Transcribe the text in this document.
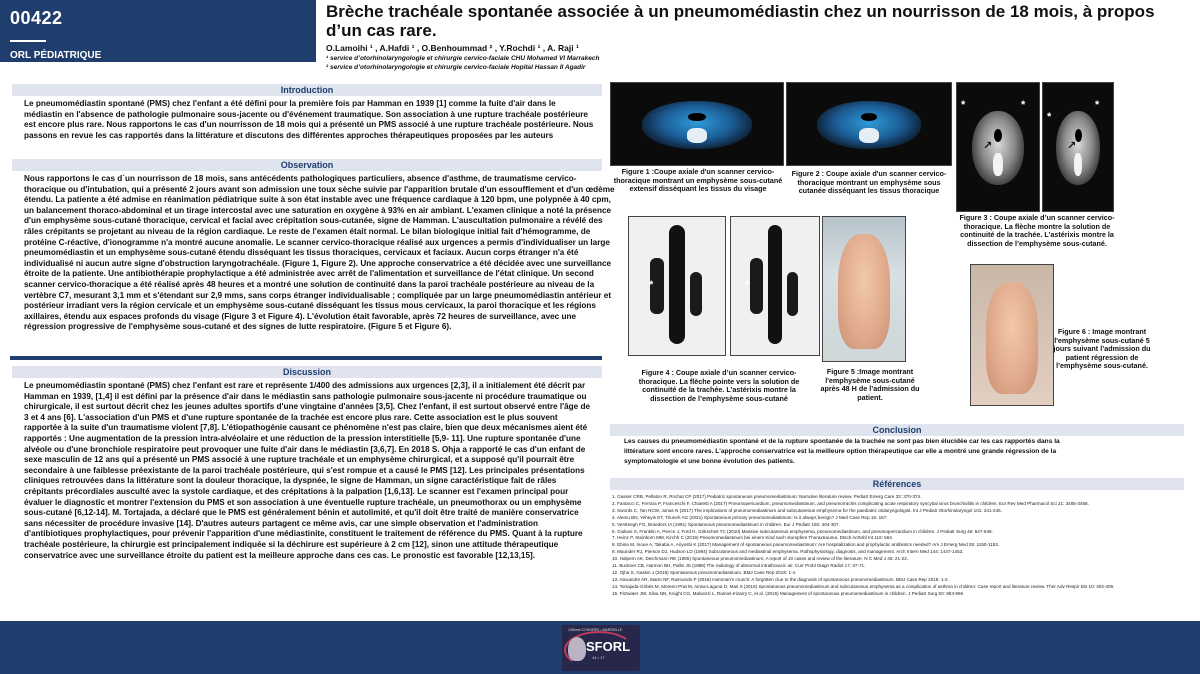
00422
ORL PÉDIATRIQUE
Brèche trachéale spontanée associée à un pneumomédiastin chez un nourrisson de 18 mois, à propos d’un cas rare.
O.Lamoihi ¹ , A.Hafdi ¹ , O.Benhoummad ² , Y.Rochdi ¹ , A. Raji ¹
¹ service d’otorhinolaryngologie et chirurgie cervico-faciale CHU Mohamed VI Marrakech
² service d’otorhinolaryngologie et chirurgie cervico-faciale Hopital Hassan II Agadir
Introduction
Le pneumomédiastin spontané (PMS) chez l'enfant a été défini pour la première fois par Hamman en 1939 [1] comme la fuite d'air dans le médiastin en l'absence de pathologie pulmonaire sous-jacente ou d'événement traumatique. Son association à une rupture trachéale postérieure est encore plus rare. Nous rapportons le cas d'un nourrisson de 18 mois qui a présenté un PMS associé à une rupture trachéale postérieure. Nous passons en revue les cas rapportés dans la littérature et discutons des différentes approches thérapeutiques proposées par les auteurs
Observation
Nous rapportons le cas d`un nourrisson de 18 mois, sans antécédents pathologiques particuliers, absence d'asthme, de traumatisme cervico-thoracique ou d'intubation, qui a présenté 2 jours avant son admission une toux sèche suivie par l'apparition brutale d'un essoufflement et d'un œdème étendu. La patiente a été admise en réanimation pédiatrique suite à son état instable avec une fréquence cardiaque à 120 bpm, une polypnée à 40 cpm, un balancement thoraco-abdominal et un tirage intercostal avec une saturation en oxygène à 93% en air ambiant. L'examen clinique a noté la présence d'un emphysème sous-cutané thoracique, cervical et facial avec crépitation sous-cutanée, signe de Hamman. L'auscultation pulmonaire a révélé des râles crépitants se projetant au niveau de la région cardiaque. Le reste de l'examen était normal. Le bilan biologique initial fait d'hémogramme, de protéine C-réactive, d'ionogramme n'a montré aucune anomalie. Le scanner cervico-thoracique réalisé aux urgences a permis d'individualiser un large pneumomédiastin et un emphysème sous-cutané étendu disséquant les tissus thoraciques, cervicaux et faciaux. Aucun corps étranger n'a été individualisé ni aucun autre signe d'obstruction laryngotrachéale. (Figure 1, Figure 2). Une approche conservatrice a été décidée avec une surveillance étroite de la patiente. Une antibiothérapie prophylactique a été administrée avec arrêt de l'alimentation et surveillance de l'état clinique. Un second scanner cervico-thoracique a été réalisé après 48 heures et a montré une solution de continuité dans la paroi trachéale postérieure au niveau de la vertèbre C7, mesurant 3,1 mm et s'étendant sur 2,9 mms, sans corps étranger individualisable ; compliquée par un large pneumomédiastin antérieur et postérieur irradiant vers la région cervicale et un emphysème sous-cutané disséquant les tissus mous cervicaux, la paroi thoracique et les régions axillaires, étendu aux espaces profonds du visage (Figure 3 et Figure 4). L'évolution était favorable, après 72 heures de surveillance, avec une régression progressive de l'emphysème sous-cutané et des signes de lutte respiratoire. (Figure 5 et Figure 6).
Discussion
Le pneumomédiastin spontané (PMS) chez l'enfant est rare et représente 1/400 des admissions aux urgences [2,3], il a initialement été décrit par Hamman en 1939, [1,4] il est défini par la présence d'air dans le médiastin sans pathologie pulmonaire sous-jacente ni procédure traumatique ou chirurgicale, il est surtout décrit chez les jeunes adultes sportifs d'une vingtaine d'années [3,5]. Chez l'enfant, il est surtout observé entre l'âge de 3 et 4 ans [6]. L'association d'un PMS et d'une rupture spontanée de la trachée est encore plus rare. Cette association est le plus souvent rapportée à la suite d'un traumatisme violent [7,8]. L'étiopathogénie causant ce phénomène n'est pas claire, bien que deux mécanismes aient été rapportés : Une augmentation de la pression intra-alvéolaire et une réduction de la pression interstitielle [5,9- 11]. Une rupture spontanée d'une alvéole ou d'une bronchiole respiratoire peut provoquer une fuite d'air dans le médiastin [3,6,7]. En 2018 S. Ohja a rapporté le cas d'un enfant de sexe masculin de 12 ans qui a présenté un PMS associé à une rupture trachéale et un emphysème chirurgical, et a supposé qu'il pourrait être secondaire à une faiblesse préexistante de la paroi trachéale postérieure, qui s'est rompue et a causé le PMS [12]. Les principales présentations cliniques retrouvées dans la littérature sont la douleur thoracique, la dyspnée, le signe de Hamman, un signe caractéristique fait de râles crépitants précordiales ausculté avec la systole cardiaque, et des crépitations à la palpation [1,6,13]. Le scanner est l'examen principal pour évaluer le diagnostic et montrer l'extension du PMS et son association à une éventuelle rupture trachéale, un pneumothorax ou un emphysème sous-cutané [6,12-14]. M. Tortajada, a déclaré que le PMS est généralement bénin et autolimité, et qu'il doit être traité de manière conservatrice sans nécessiter de procédure invasive [14]. D'autres auteurs partagent ce même avis, car une simple observation et l'administration d'antibiotiques prophylactiques, pour prévenir l'apparition d'une médiastinite, constituent le traitement de référence du PMS. Quant à la rupture trachéale postérieure, la chirurgie est principalement indiquée si la déchirure est supérieure à 2 cm [12], sinon une attitude thérapeutique conservatrice avec une surveillance étroite du patient est la meilleure approche dans ces cas. Le pronostic est favorable [12,13,15].
Figure 1 :Coupe axiale d'un scanner cervico-thoracique montrant un emphysème sous-cutané extensif disséquant les tissus du visage
Figure 2 : Coupe axiale d'un scanner cervico-thoracique montrant un emphysème sous cutanée disséquant les tissus thoracique
*	*
↗
*
*
↗
Figure 3 : Coupe axiale d’un scanner cervico-thoracique. La flèche montre la solution de continuité de la trachée. L’astérixis montre la dissection de l’emphysème sous-cutané.
*
↗
*
↑
Figure 4 : Coupe axiale d’un scanner cervico-thoracique. La flèche pointe vers la solution de continuité de la trachée. L’astérixis montre la dissection de l’emphysème sous-cutané
Figure 5 :Image montrant l'emphysème sous-cutané après 48 H de l’admission du patient.
Figure 6 : Image montrant l'emphysème sous-cutané 5 jours suivant l’admission du patient régression de l’emphysème sous-cutané.
Conclusion
Les causes du pneumomédiastin spontané et de la rupture spontanée de la trachée ne sont pas bien élucidée car les cas rapportés dans la littérature sont encore rares. L'approche conservatrice est la meilleure option thérapeutique car elle a montré une grande régression de la symptomatologie et une bonne évolution des patients.
Références
1. Gasser CRB, Pellaton R, Rochat CP (2017) Pediatric spontaneous pneumomediastinum: Narrative literature review. Pediatr Emerg Care 33: 370-374.
2. Fantacci C, Ferrara P, Franceschi F, Chiaretti A (2017) Pneumopericardium, pneumomediastinum, and pneumorrachis complicating acute respiratory syncytial virus bronchiolitis in children. Eur Rev Med Pharmacol Sci 21: 3465-3468.
3. Swords C, Tan NCW, Jonas N (2017) The implications of pneumomediastinum and subcutaneous emphysema for the paediatric otolaryngologist. Int J Pediatr Otorhinolaryngol 101: 241-245.
4. Alemu BN, Yeheyis ET, Tiruneh AG (2021) Spontaneous primary pneumomediastinum: Is it always benign? J Med Case Rep 15: 157.
5. Versteegh FG, Broeders IA (1991) Spontaneous pneumomediastinum in children. Eur J Pediatr 150: 304-307.
6. Giuliani S, Franklin A, Pierce J, Ford H, Grikscheit TC (2010) Massive subcutaneous emphysema, pneumomediastinum, and pneumopericardium in children. J Pediatr Surg 45: 647-649.
7. Heinz P, Steinborn MM, Kirchh C (2019) Pneumomediastinum bei einem Kind nach stumpfem Thoraxtrauma. Dtsch Arztebl Int 116: 564.
8. Ebina M, Inoue A, Takaba A, Ariyoshi K (2017) Management of spontaneous pneumomediastinum: Are hospitalization and prophylactic antibiotics needed? Am J Emerg Med 35: 1150-1153.
9. Maunder RJ, Pierson DJ, Hudson LD (1984) Subcutaneous and mediastinal emphysema. Pathophysiology, diagnosis, and management. Arch Intern Med 144: 1447-1453.
10. Halpern AK, Deichmann RE (1985) Spontaneous pneumomediastinum: A report of 10 cases and review of the literature. N C Med J 46: 21-23.
11. Buckner CB, Harmon BH, Pallin JS (1988) The radiology of abnormal intrathoracic air. Curr Probl Diagn Radiol 17: 37-71.
12. Ojha S, Gaskin J (2018) Spontaneous pneumomediastinum. BMJ Case Rep 2018: 1-4.
13. Alexandre AR, Marto NF, Raimundo P (2018) Hamman's crunch: A forgotten clue to the diagnosis of spontaneous pneumomediastinum. BMJ Case Rep 2018: 1-2.
14. Tortajada-Girbés M, Moreno-Prat M, Ainsa-Laguna D, Mas S (2016) Spontaneous pneumomediastinum and subcutaneous emphysema as a complication of asthma in children: Case report and literature review. Ther Adv Respir Dis 10: 402-409.
15. Fitzwater JW, Silva NN, Knight CG, Malvezzi L, Ramos-Irizarry C, et al. (2015) Management of spontaneous pneumomediastinum in children. J Pediatr Surg 50: 963-966
125ème CONGRÈS • MARSEILLE
SFORL
14 • 17
